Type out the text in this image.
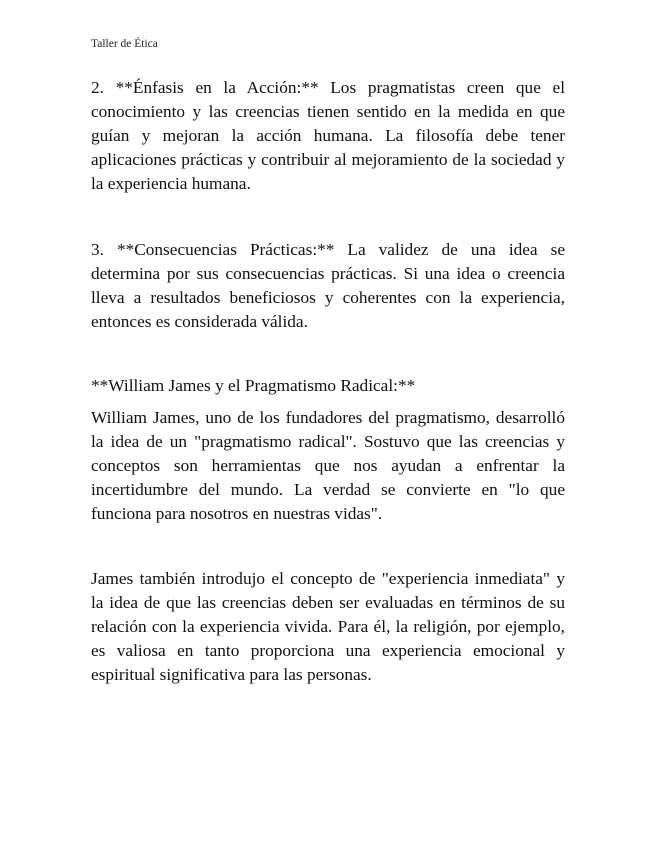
Taller de Ética

2. **Énfasis en la Acción:** Los pragmatistas creen que el conocimiento y las creencias tienen sentido en la medida en que guían y mejoran la acción humana. La filosofía debe tener aplicaciones prácticas y contribuir al mejoramiento de la sociedad y la experiencia humana.

3. **Consecuencias Prácticas:** La validez de una idea se determina por sus consecuencias prácticas. Si una idea o creencia lleva a resultados beneficiosos y coherentes con la experiencia, entonces es considerada válida.

**William James y el Pragmatismo Radical:**

William James, uno de los fundadores del pragmatismo, desarrolló la idea de un "pragmatismo radical". Sostuvo que las creencias y conceptos son herramientas que nos ayudan a enfrentar la incertidumbre del mundo. La verdad se convierte en "lo que funciona para nosotros en nuestras vidas".

James también introdujo el concepto de "experiencia inmediata" y la idea de que las creencias deben ser evaluadas en términos de su relación con la experiencia vivida. Para él, la religión, por ejemplo, es valiosa en tanto proporciona una experiencia emocional y espiritual significativa para las personas.
